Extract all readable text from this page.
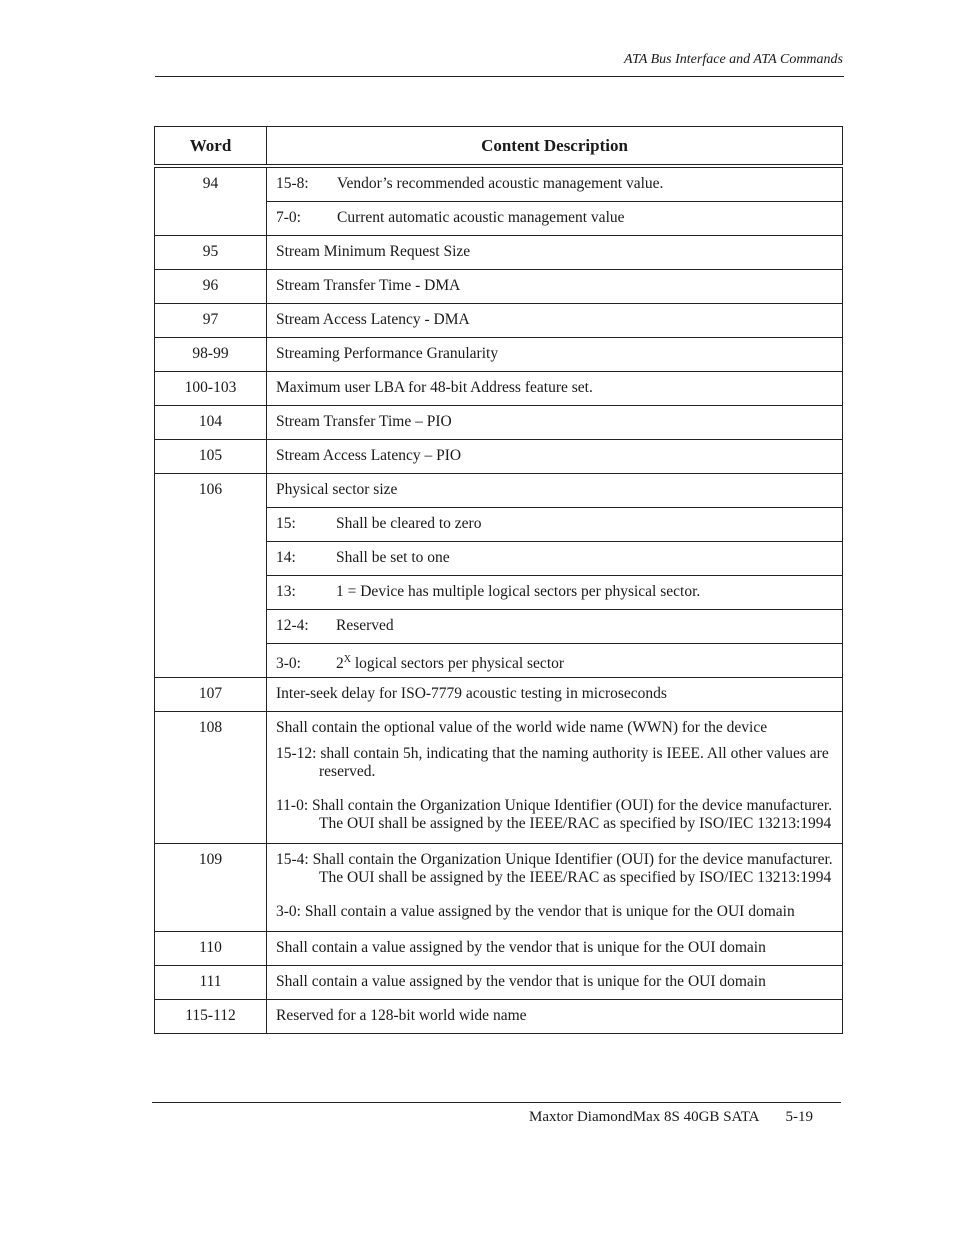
ATA Bus Interface and ATA Commands
Word	Content Description
94	15-8: Vendor’s recommended acoustic management value.
	7-0: Current automatic acoustic management value
95	Stream Minimum Request Size
96	Stream Transfer Time - DMA
97	Stream Access Latency - DMA
98-99	Streaming Performance Granularity
100-103	Maximum user LBA for 48-bit Address feature set.
104	Stream Transfer Time – PIO
105	Stream Access Latency – PIO
106	Physical sector size
	15: Shall be cleared to zero
	14: Shall be set to one
	13: 1 = Device has multiple logical sectors per physical sector.
	12-4: Reserved
	3-0: $2^X$ logical sectors per physical sector
107	Inter-seek delay for ISO-7779 acoustic testing in microseconds
108	Shall contain the optional value of the world wide name (WWN) for the device

15-12: shall contain 5h, indicating that the naming authority is IEEE. All other values are reserved.

11-0: Shall contain the Organization Unique Identifier (OUI) for the device manufacturer. The OUI shall be assigned by the IEEE/RAC as specified by ISO/IEC 13213:1994

109	15-4: Shall contain the Organization Unique Identifier (OUI) for the device manufacturer. The OUI shall be assigned by the IEEE/RAC as specified by ISO/IEC 13213:1994

3-0: Shall contain a value assigned by the vendor that is unique for the OUI domain

110	Shall contain a value assigned by the vendor that is unique for the OUI domain
111	Shall contain a value assigned by the vendor that is unique for the OUI domain
115-112	Reserved for a 128-bit world wide name
Maxtor DiamondMax 8S 40GB SATA 5-19
